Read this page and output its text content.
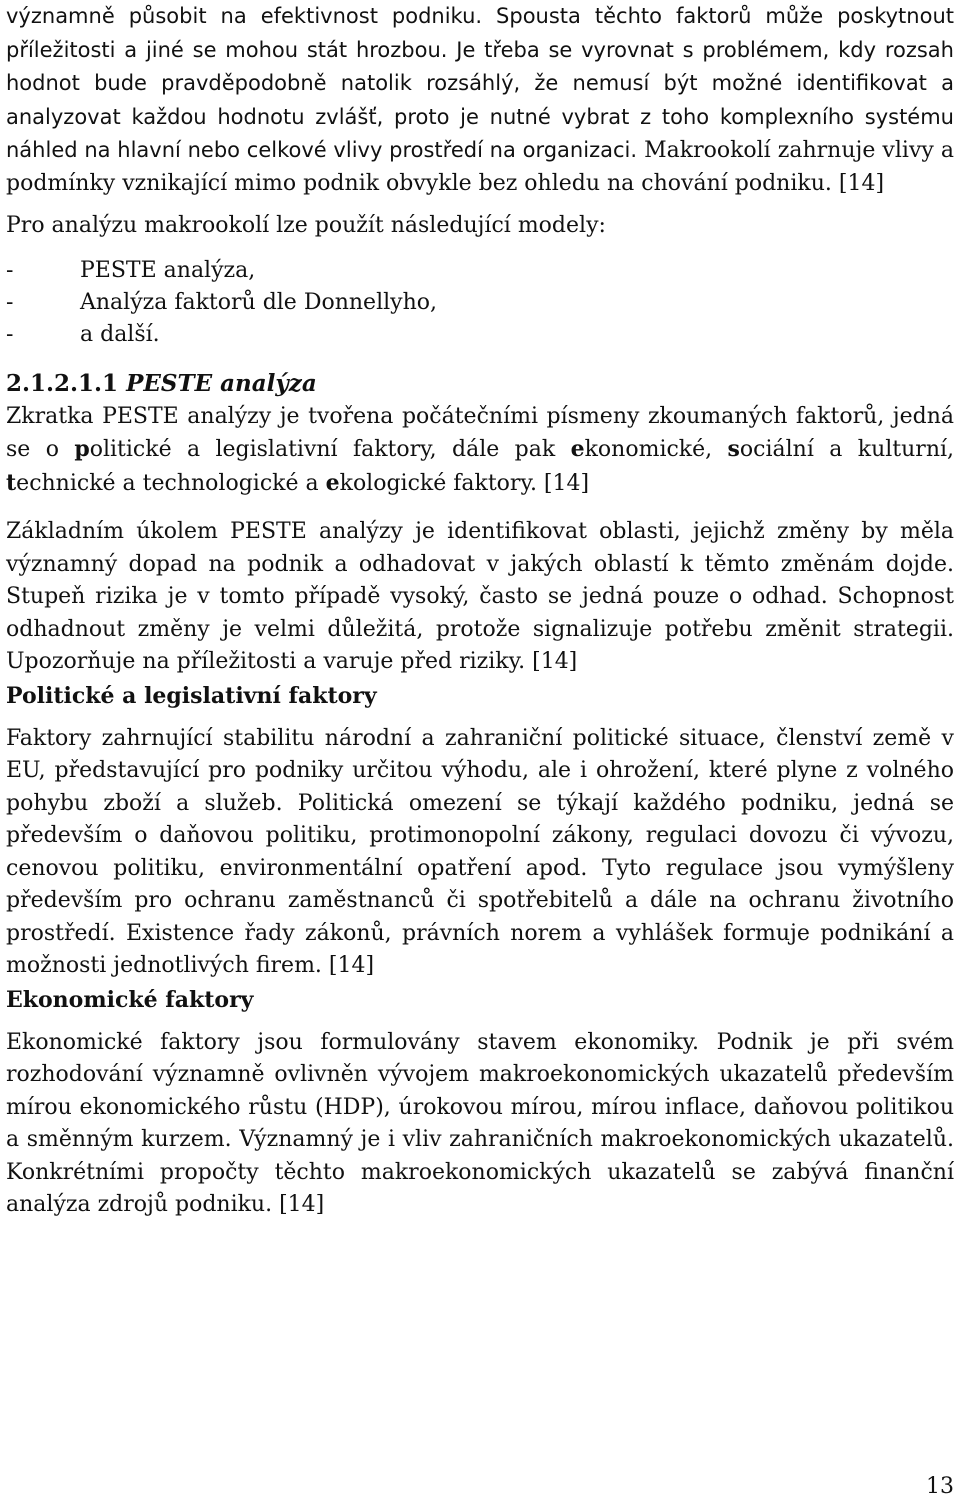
významně působit na efektivnost podniku. Spousta těchto faktorů může poskytnout příležitosti a jiné se mohou stát hrozbou. Je třeba se vyrovnat s problémem, kdy rozsah hodnot bude pravděpodobně natolik rozsáhlý, že nemusí být možné identifikovat a analyzovat každou hodnotu zvlášť, proto je nutné vybrat z toho komplexního systému náhled na hlavní nebo celkové vlivy prostředí na organizaci. Makrookolí zahrnuje vlivy a podmínky vznikající mimo podnik obvykle bez ohledu na chování podniku. [14]

Pro analýzu makrookolí lze použít následující modely:

-	PESTE analýza,
-	Analýza faktorů dle Donnellyho,
-	a další.
2.1.2.1.1 PESTE analýza

Zkratka PESTE analýzy je tvořena počátečními písmeny zkoumaných faktorů, jedná se o politické a legislativní faktory, dále pak ekonomické, sociální a kulturní, technické a technologické a ekologické faktory. [14]

Základním úkolem PESTE analýzy je identifikovat oblasti, jejichž změny by měla významný dopad na podnik a odhadovat v jakých oblastí k těmto změnám dojde. Stupeň rizika je v tomto případě vysoký, často se jedná pouze o odhad. Schopnost odhadnout změny je velmi důležitá, protože signalizuje potřebu změnit strategii. Upozorňuje na příležitosti a varuje před riziky. [14]

Politické a legislativní faktory

Faktory zahrnující stabilitu národní a zahraniční politické situace, členství země v EU, představující pro podniky určitou výhodu, ale i ohrožení, které plyne z volného pohybu zboží a služeb. Politická omezení se týkají každého podniku, jedná se především o daňovou politiku, protimonopolní zákony, regulaci dovozu či vývozu, cenovou politiku, environmentální opatření apod. Tyto regulace jsou vymýšleny především pro ochranu zaměstnanců či spotřebitelů a dále na ochranu životního prostředí. Existence řady zákonů, právních norem a vyhlášek formuje podnikání a možnosti jednotlivých firem. [14]

Ekonomické faktory

Ekonomické faktory jsou formulovány stavem ekonomiky. Podnik je při svém rozhodování významně ovlivněn vývojem makroekonomických ukazatelů především mírou ekonomického růstu (HDP), úrokovou mírou, mírou inflace, daňovou politikou a směnným kurzem. Významný je i vliv zahraničních makroekonomických ukazatelů. Konkrétními propočty těchto makroekonomických ukazatelů se zabývá finanční analýza zdrojů podniku. [14]

13
